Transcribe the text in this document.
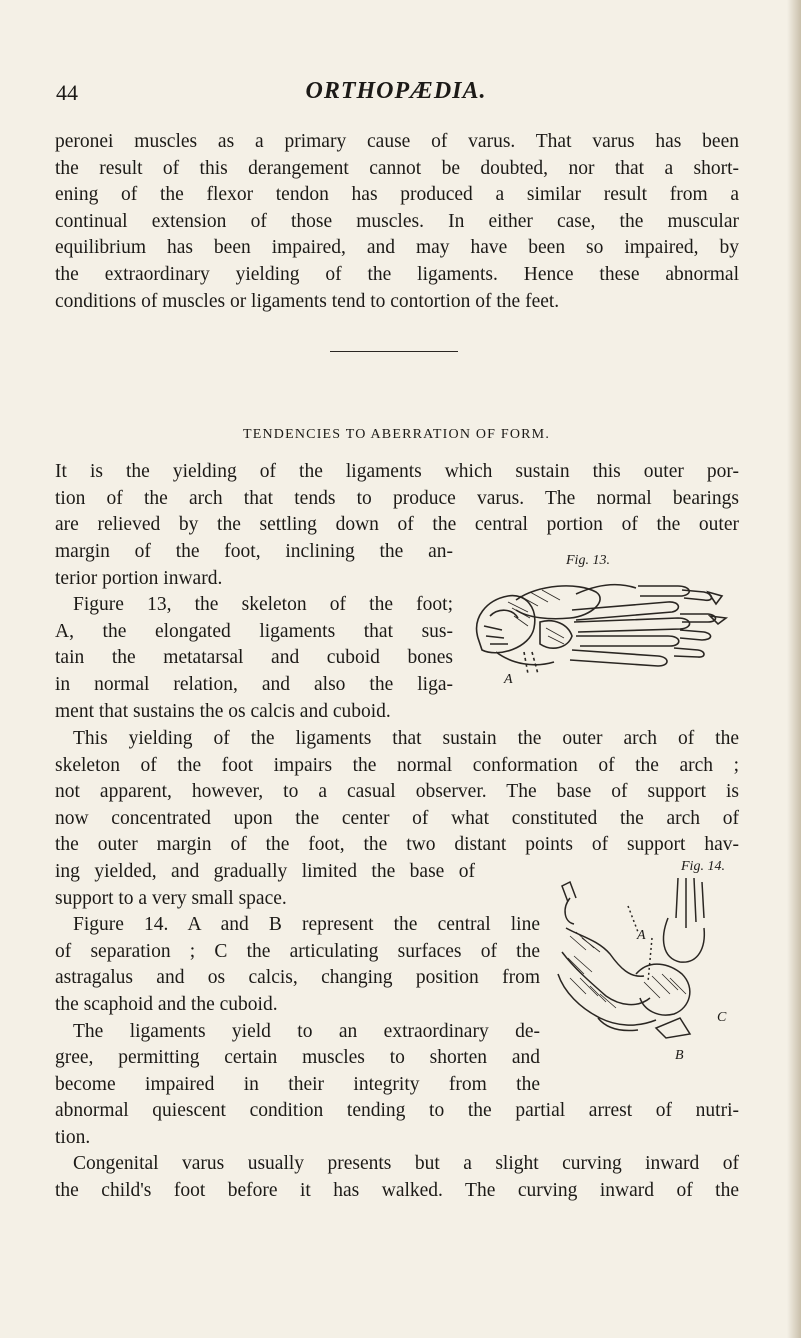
44	ORTHOPÆDIA.

peronei muscles as a primary cause of varus. That varus has been
the result of this derangement cannot be doubted, nor that a short-
ening of the flexor tendon has produced a similar result from a
continual extension of those muscles. In either case, the muscular
equilibrium has been impaired, and may have been so impaired, by
the extraordinary yielding of the ligaments. Hence these abnormal
conditions of muscles or ligaments tend to contortion of the feet.

TENDENCIES TO ABERRATION OF FORM.

It is the yielding of the ligaments which sustain this outer por-
tion of the arch that tends to produce varus. The normal bearings
are relieved by the settling down of the central portion of the outer

margin of the foot, inclining the an-
terior portion inward.
Figure 13, the skeleton of the foot;
A, the elongated ligaments that sus-
tain the metatarsal and cuboid bones
in normal relation, and also the liga-

ment that sustains the os calcis and cuboid.

Fig. 13.
A

This yielding of the ligaments that sustain the outer arch of the
skeleton of the foot impairs the normal conformation of the arch ;
not apparent, however, to a casual observer. The base of support is
now concentrated upon the center of what constituted the arch of
the outer margin of the foot, the two distant points of support hav-

ing yielded, and gradually limited the base of
support to a very small space.
Figure 14. A and B represent the central line
of separation ; C the articulating surfaces of the
astragalus and os calcis, changing position from
the scaphoid and the cuboid.
The ligaments yield to an extraordinary de-
gree, permitting certain muscles to shorten and
become impaired in their integrity from the

abnormal quiescent condition tending to the partial arrest of nutri-
tion.

Congenital varus usually presents but a slight curving inward of
the child's foot before it has walked. The curving inward of the

Fig. 14.
A
C
B
